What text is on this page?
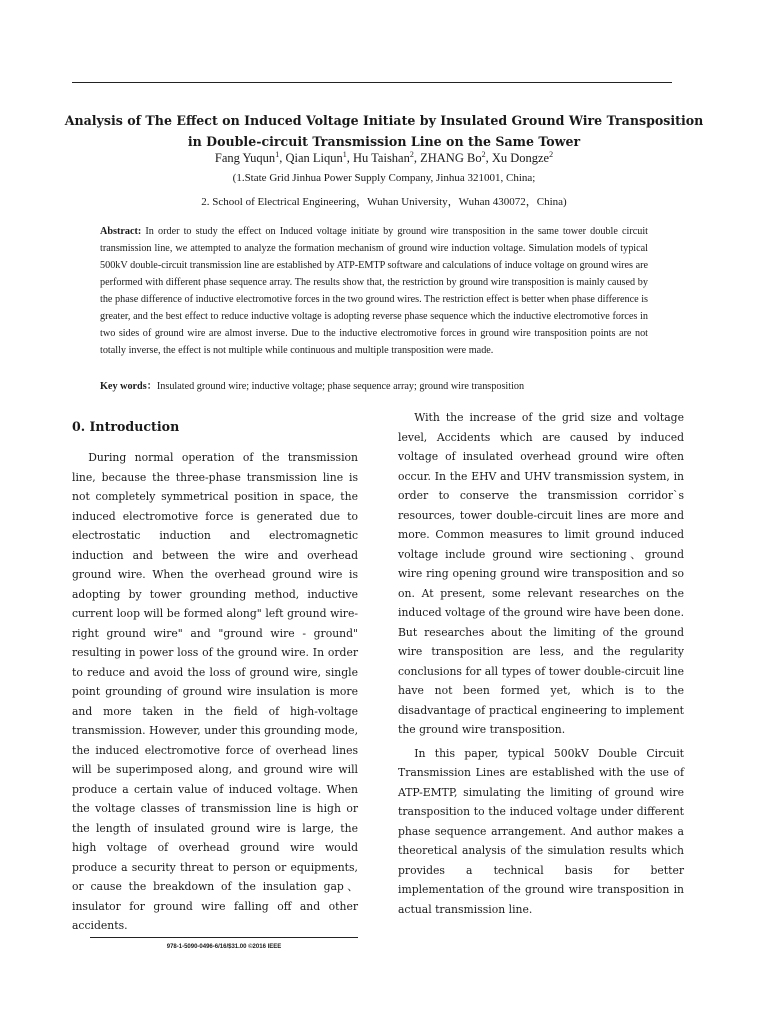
Analysis of The Effect on Induced Voltage Initiate by Insulated Ground Wire Transposition
in Double-circuit Transmission Line on the Same Tower
Fang Yuqun$^1$, Qian Liqun$^1$, Hu Taishan$^2$, ZHANG Bo$^2$, Xu Dongze$^2$
(1.State Grid Jinhua Power Supply Company, Jinhua 321001, China;
2. School of Electrical Engineering，Wuhan University，Wuhan 430072，China)
Abstract: In order to study the effect on Induced voltage initiate by ground wire transposition in the same tower double circuit transmission line, we attempted to analyze the formation mechanism of ground wire induction voltage. Simulation models of typical 500kV double-circuit transmission line are established by ATP-EMTP software and calculations of induce voltage on ground wires are performed with different phase sequence array. The results show that, the restriction by ground wire transposition is mainly caused by the phase difference of inductive electromotive forces in the two ground wires. The restriction effect is better when phase difference is greater, and the best effect to reduce inductive voltage is adopting reverse phase sequence which the inductive electromotive forces in two sides of ground wire are almost inverse. Due to the inductive electromotive forces in ground wire transposition points are not totally inverse, the effect is not multiple while continuous and multiple transposition were made.
Key words：Insulated ground wire; inductive voltage; phase sequence array; ground wire transposition
0. Introduction

During normal operation of the transmission line, because the three-phase transmission line is not completely symmetrical position in space, the induced electromotive force is generated due to electrostatic induction and electromagnetic induction and between the wire and overhead ground wire. When the overhead ground wire is adopting by tower grounding method, inductive current loop will be formed along" left ground wire-right ground wire" and "ground wire - ground" resulting in power loss of the ground wire. In order to reduce and avoid the loss of ground wire, single point grounding of ground wire insulation is more and more taken in the field of high-voltage transmission. However, under this grounding mode, the induced electromotive force of overhead lines will be superimposed along, and ground wire will produce a certain value of induced voltage. When the voltage classes of transmission line is high or the length of insulated ground wire is large, the high voltage of overhead ground wire would produce a security threat to person or equipments, or cause the breakdown of the insulation gap、insulator for ground wire falling off and other accidents.

With the increase of the grid size and voltage level, Accidents which are caused by induced voltage of insulated overhead ground wire often occur. In the EHV and UHV transmission system, in order to conserve the transmission corridor`s resources, tower double-circuit lines are more and more. Common measures to limit ground induced voltage include ground wire sectioning、ground wire ring opening ground wire transposition and so on. At present, some relevant researches on the induced voltage of the ground wire have been done. But researches about the limiting of the ground wire transposition are less, and the regularity conclusions for all types of tower double-circuit line have not been formed yet, which is to the disadvantage of practical engineering to implement the ground wire transposition.

In this paper, typical 500kV Double Circuit Transmission Lines are established with the use of ATP-EMTP, simulating the limiting of ground wire transposition to the induced voltage under different phase sequence arrangement. And author makes a theoretical analysis of the simulation results which provides a technical basis for better implementation of the ground wire transposition in actual transmission line.

978-1-5090-0496-6/16/$31.00 ©2016 IEEE
